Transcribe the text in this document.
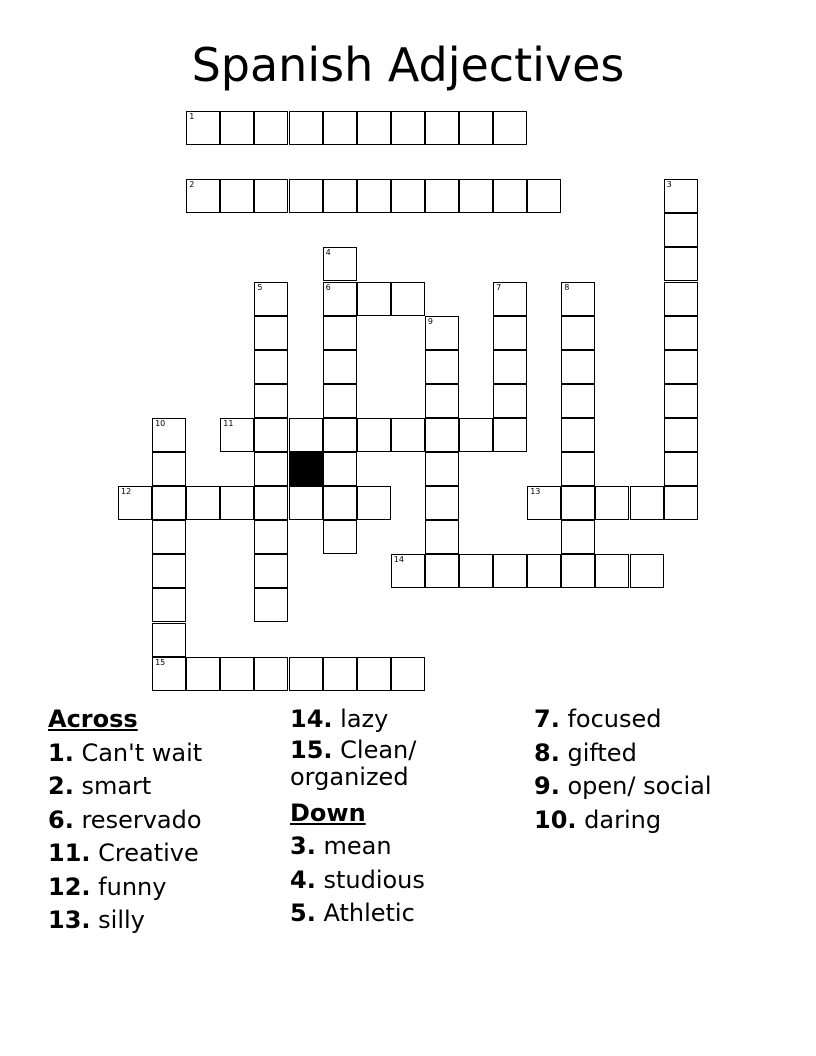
Spanish Adjectives
1
2
6
11
12	13
14
15
3
4
5	7	8
9
10
Across
1. Can't wait
2. smart
6. reservado
11. Creative
12. funny
13. silly
14. lazy
15. Clean/ organized
Down
3. mean
4. studious
5. Athletic
7. focused
8. gifted
9. open/ social
10. daring
